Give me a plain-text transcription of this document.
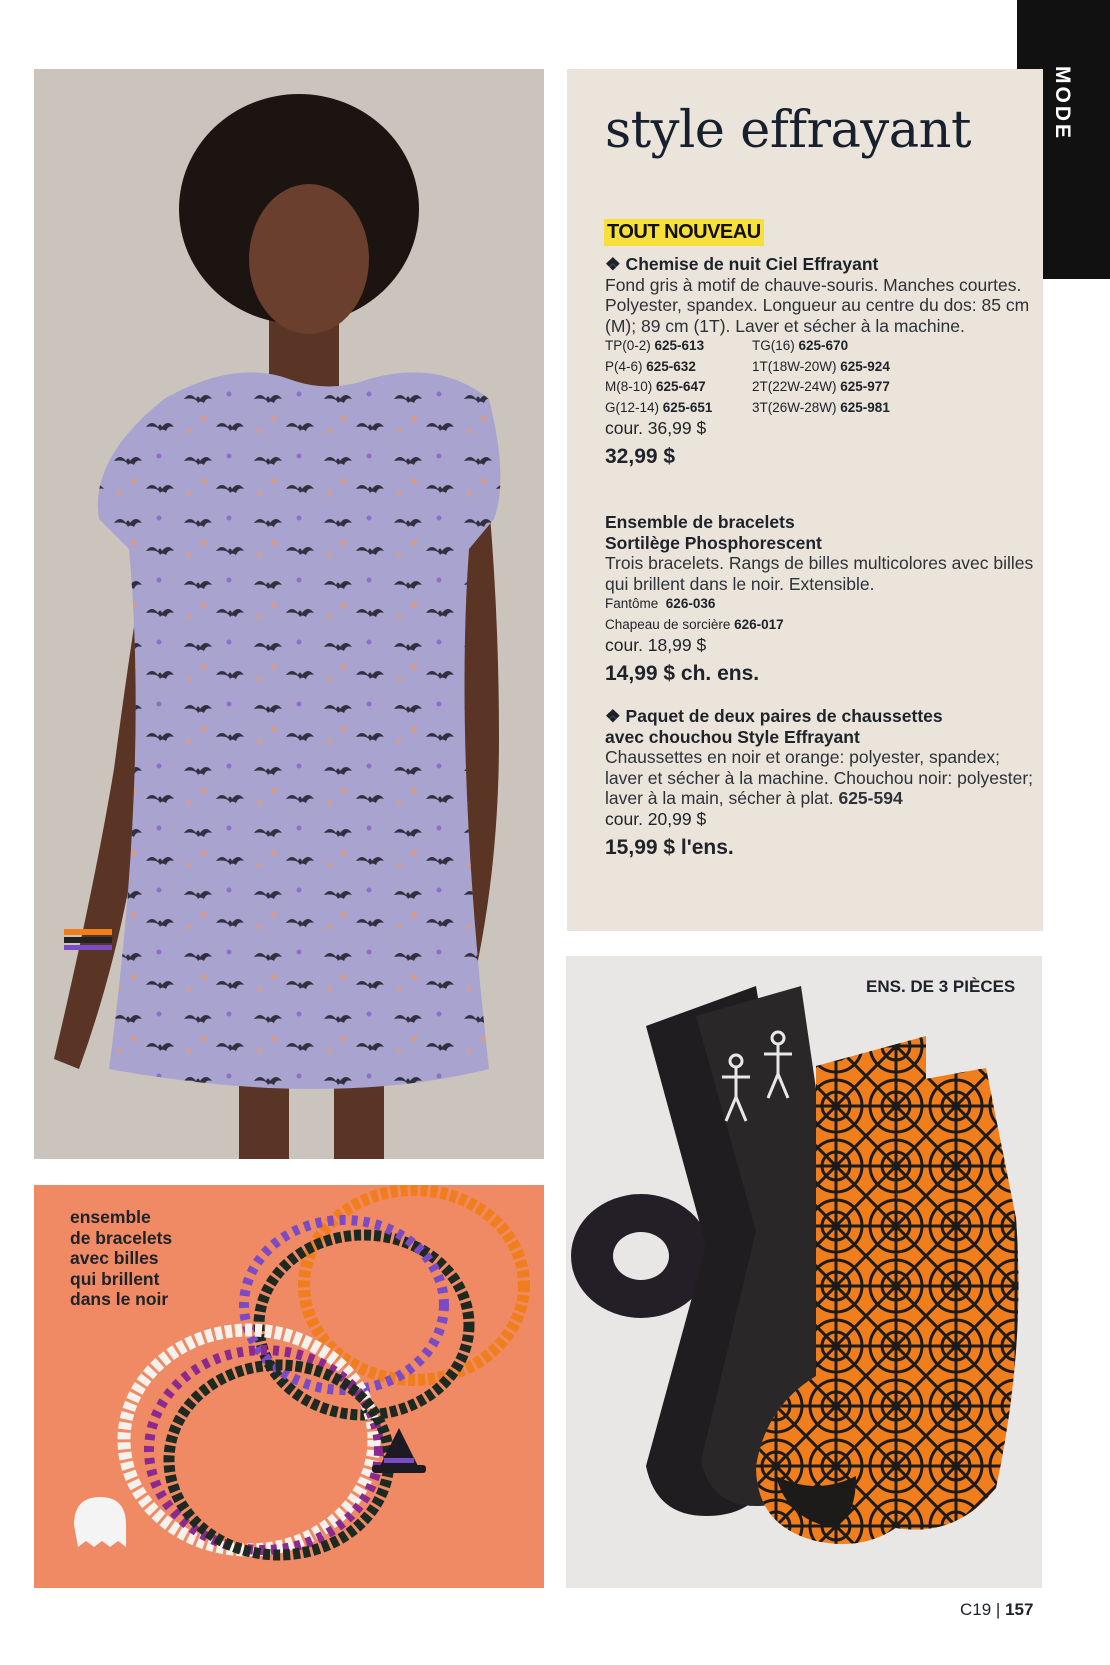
MODE
style effrayant
TOUT NOUVEAU
❖ Chemise de nuit Ciel Effrayant
Fond gris à motif de chauve-souris. Manches courtes. Polyester, spandex. Longueur au centre du dos: 85 cm (M); 89 cm (1T). Laver et sécher à la machine.
TP(0-2) 625-613	TG(16) 625-670
P(4-6) 625-632	1T(18W-20W) 625-924
M(8-10) 625-647	2T(22W-24W) 625-977
G(12-14) 625-651	3T(26W-28W) 625-981
cour. 36,99 $
32,99 $
Ensemble de bracelets
Sortilège Phosphorescent
Trois bracelets. Rangs de billes multicolores avec billes qui brillent dans le noir. Extensible.
Fantôme 626-036
Chapeau de sorcière 626-017
cour. 18,99 $
14,99 $ ch. ens.
❖ Paquet de deux paires de chaussettes
avec chouchou Style Effrayant
Chaussettes en noir et orange: polyester, spandex; laver et sécher à la machine. Chouchou noir: polyester; laver à la main, sécher à plat. 625-594
cour. 20,99 $
15,99 $ l'ens.

ensemble
de bracelets
avec billes
qui brillent
dans le noir

ENS. DE 3 PIÈCES
C19 | 157
